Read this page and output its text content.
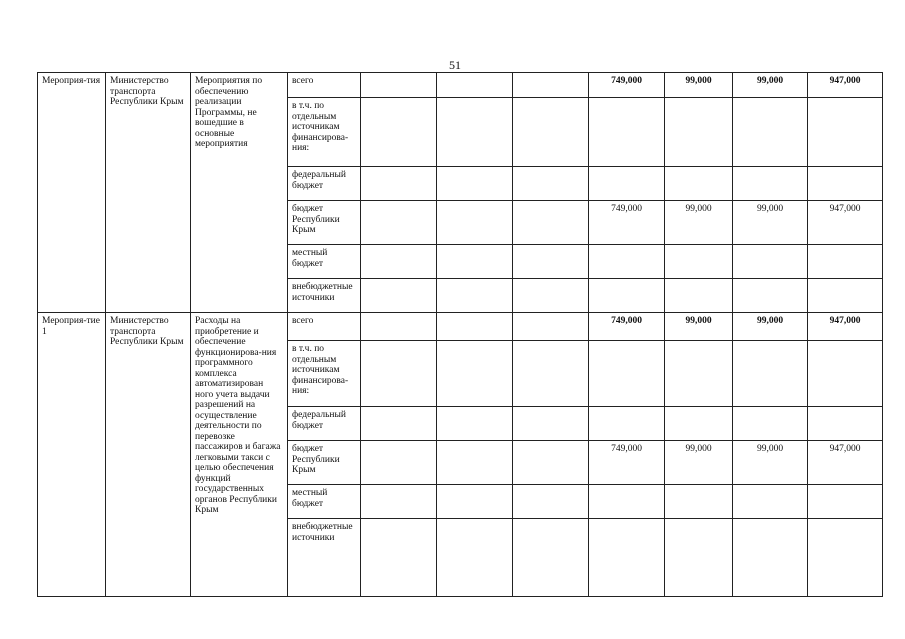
51
Мероприя-тия	Министерство транспорта Республики Крым	Мероприятия по обеспечению реализации Программы, не вошедшие в основные мероприятия	всего				749,000	99,000	99,000	947,000
			в т.ч. по отдельным источникам финансирова-ния:							
			федеральный бюджет							
			бюджет Республики Крым				749,000	99,000	99,000	947,000
			местный бюджет							
			внебюджетные источники							
Мероприя-тие 1	Министерство транспорта Республики Крым	Расходы на приобретение и обеспечение функционирова-ния программного комплекса автоматизирован ного учета выдачи разрешений на осуществление деятельности по перевозке пассажиров и багажа легковыми такси с целью обеспечения функций государственных органов Республики Крым	всего				749,000	99,000	99,000	947,000
			в т.ч. по отдельным источникам финансирова-ния:							
			федеральный бюджет							
			бюджет Республики Крым				749,000	99,000	99,000	947,000
			местный бюджет							
			внебюджетные источники							
